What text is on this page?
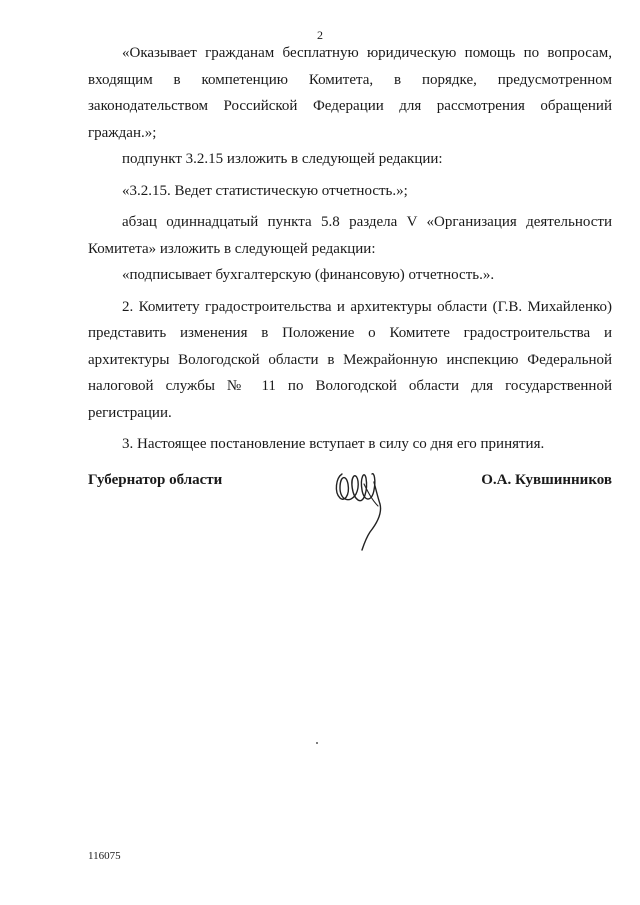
2

«Оказывает гражданам бесплатную юридическую помощь по вопросам, входящим в компетенцию Комитета, в порядке, предусмотренном законодательством Российской Федерации для рассмотрения обращений граждан.»;

подпункт 3.2.15 изложить в следующей редакции:

«3.2.15. Ведет статистическую отчетность.»;

абзац одиннадцатый пункта 5.8 раздела V «Организация деятельности Комитета» изложить в следующей редакции:

«подписывает бухгалтерскую (финансовую) отчетность.».

2. Комитету градостроительства и архитектуры области (Г.В. Михайленко) представить изменения в Положение о Комитете градостроительства и архитектуры Вологодской области в Межрайонную инспекцию Федеральной налоговой службы № 11 по Вологодской области для государственной регистрации.

3. Настоящее постановление вступает в силу со дня его принятия.

Губернатор области	О.А. Кувшинников
116075
